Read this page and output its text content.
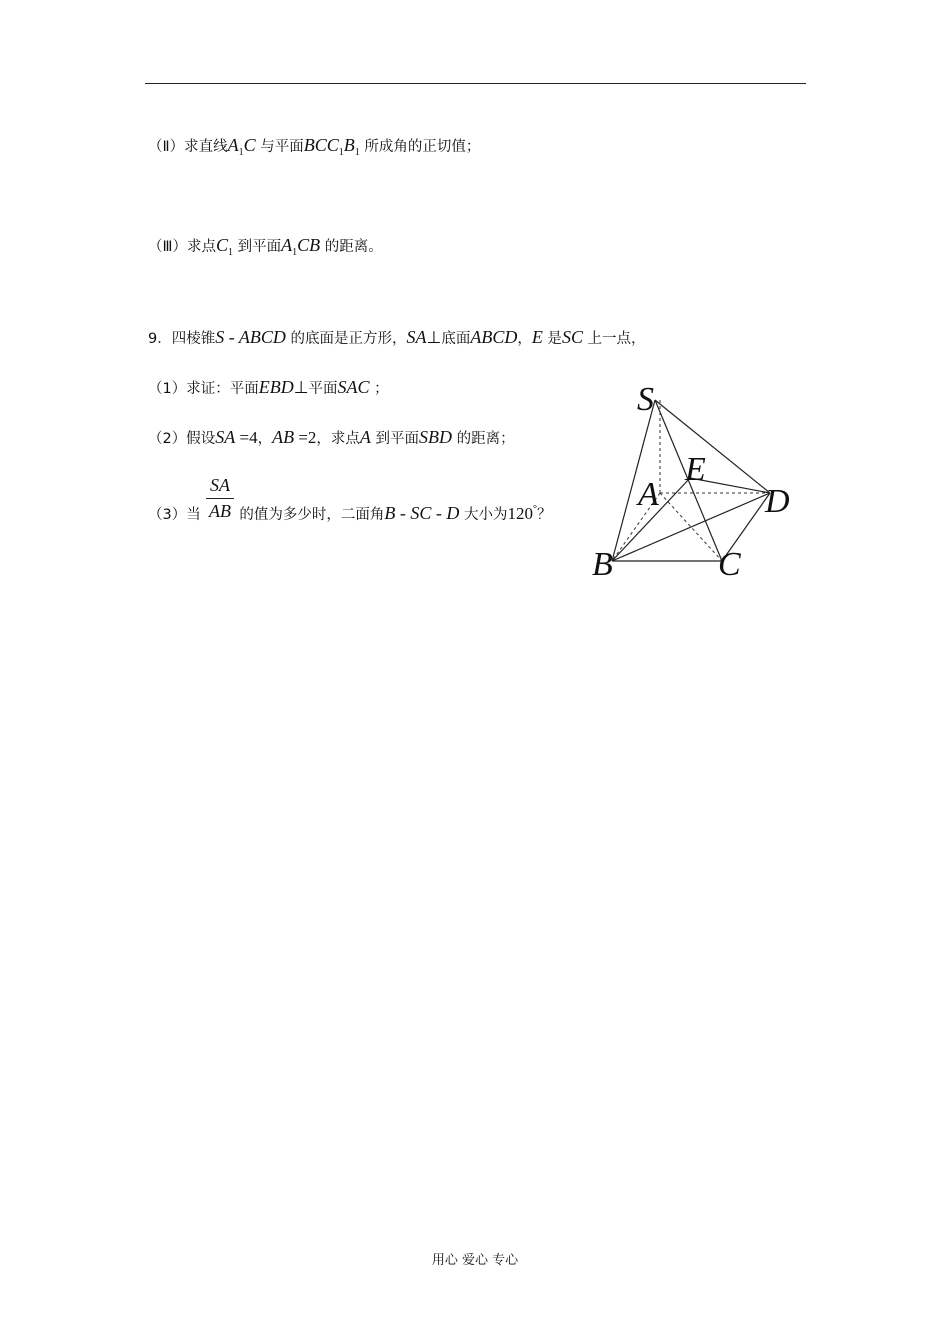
（Ⅱ）求直线$A_1C$ 与平面$BCC_1B_1$ 所成角的正切值；
（Ⅲ）求点$C_1$ 到平面$A_1CB$ 的距离。
9．四棱锥S - ABCD 的底面是正方形，SA⊥底面ABCD，E 是SC 上一点，
（1）求证：平面EBD⊥平面SAC ；
（2）假设SA =4，AB =2，求点A 到平面SBD 的距离；
$\frac{SA}{AB}$
（3）当 的值为多少时，二面角B - SC - D 大小为120°？
S
A
E
D
B	C
用心 爱心 专心
